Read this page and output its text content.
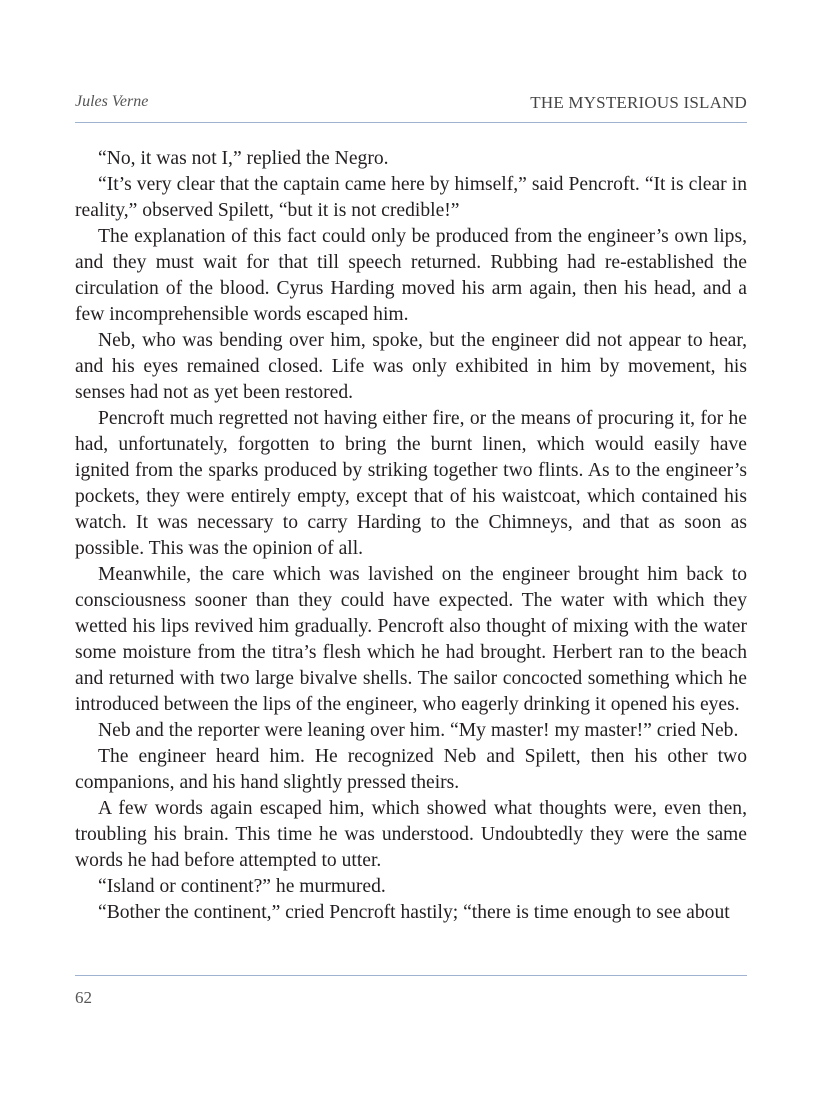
Jules Verne	THE MYSTERIOUS ISLAND

“No, it was not I,” replied the Negro.

“It’s very clear that the captain came here by himself,” said Pencroft. “It is clear in reality,” observed Spilett, “but it is not credible!”

The explanation of this fact could only be produced from the engineer’s own lips, and they must wait for that till speech returned. Rubbing had re-established the circulation of the blood. Cyrus Harding moved his arm again, then his head, and a few incomprehensible words escaped him.

Neb, who was bending over him, spoke, but the engineer did not appear to hear, and his eyes remained closed. Life was only exhibited in him by movement, his senses had not as yet been restored.

Pencroft much regretted not having either fire, or the means of procuring it, for he had, unfortunately, forgotten to bring the burnt linen, which would easily have ignited from the sparks produced by striking together two flints. As to the engineer’s pockets, they were entirely empty, except that of his waistcoat, which contained his watch. It was necessary to carry Harding to the Chimneys, and that as soon as possible. This was the opinion of all.

Meanwhile, the care which was lavished on the engineer brought him back to consciousness sooner than they could have expected. The water with which they wetted his lips revived him gradually. Pencroft also thought of mixing with the water some moisture from the titra’s flesh which he had brought. Herbert ran to the beach and returned with two large bivalve shells. The sailor concocted something which he introduced between the lips of the engineer, who eagerly drinking it opened his eyes.

Neb and the reporter were leaning over him. “My master! my master!” cried Neb.

The engineer heard him. He recognized Neb and Spilett, then his other two companions, and his hand slightly pressed theirs.

A few words again escaped him, which showed what thoughts were, even then, troubling his brain. This time he was understood. Undoubtedly they were the same words he had before attempted to utter.

“Island or continent?” he murmured.

“Bother the continent,” cried Pencroft hastily; “there is time enough to see about

62
